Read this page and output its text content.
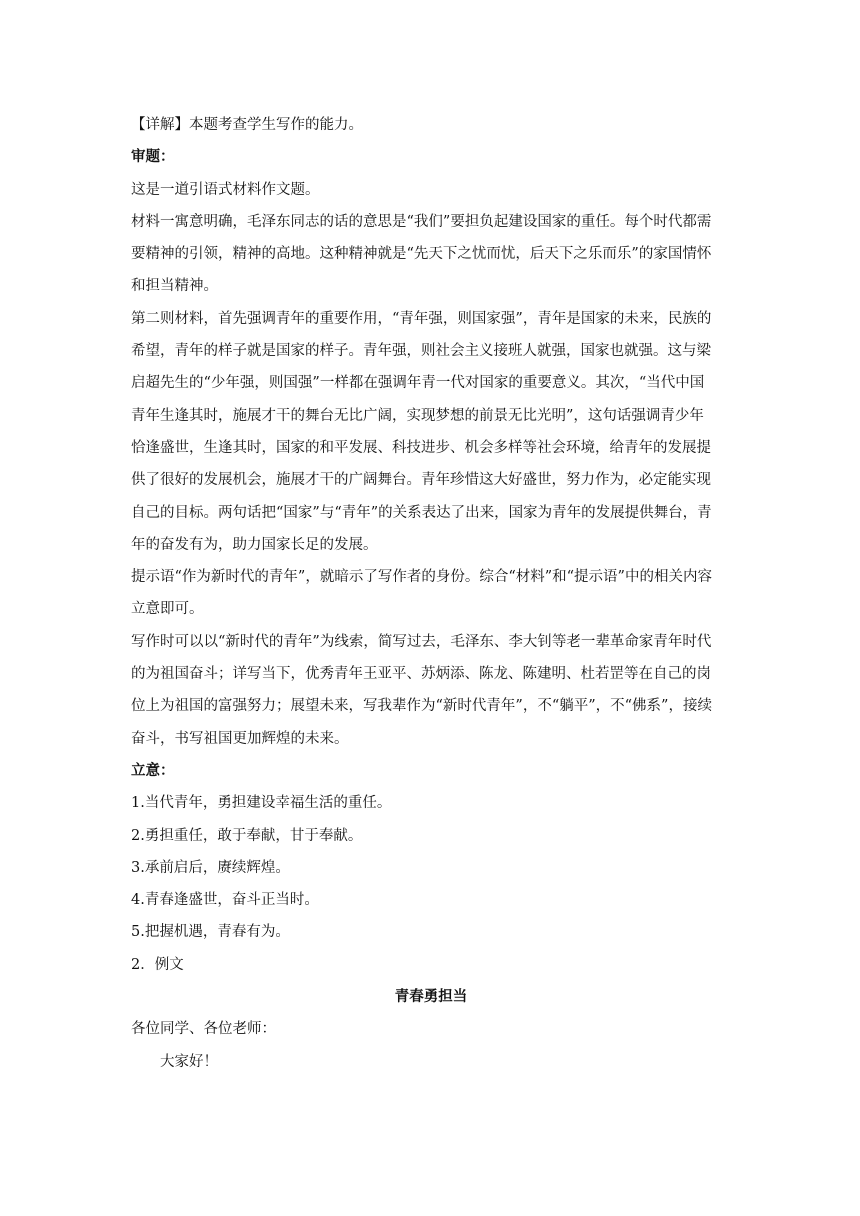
【详解】本题考查学生写作的能力。
审题：
这是一道引语式材料作文题。
材料一寓意明确，毛泽东同志的话的意思是“我们”要担负起建设国家的重任。每个时代都需
要精神的引领，精神的高地。这种精神就是“先天下之忧而忧，后天下之乐而乐”的家国情怀
和担当精神。
第二则材料，首先强调青年的重要作用，“青年强，则国家强”，青年是国家的未来，民族的
希望，青年的样子就是国家的样子。青年强，则社会主义接班人就强，国家也就强。这与梁
启超先生的“少年强，则国强”一样都在强调年青一代对国家的重要意义。其次，“当代中国
青年生逢其时，施展才干的舞台无比广阔，实现梦想的前景无比光明”，这句话强调青少年
恰逢盛世，生逢其时，国家的和平发展、科技进步、机会多样等社会环境，给青年的发展提
供了很好的发展机会，施展才干的广阔舞台。青年珍惜这大好盛世，努力作为，必定能实现
自己的目标。两句话把“国家”与“青年”的关系表达了出来，国家为青年的发展提供舞台，青
年的奋发有为，助力国家长足的发展。
提示语“作为新时代的青年”，就暗示了写作者的身份。综合“材料”和“提示语”中的相关内容
立意即可。
写作时可以以“新时代的青年”为线索，简写过去，毛泽东、李大钊等老一辈革命家青年时代
的为祖国奋斗；详写当下，优秀青年王亚平、苏炳添、陈龙、陈建明、杜若罡等在自己的岗
位上为祖国的富强努力；展望未来，写我辈作为“新时代青年”，不“躺平”，不“佛系”，接续
奋斗，书写祖国更加辉煌的未来。
立意：
1.当代青年，勇担建设幸福生活的重任。
2.勇担重任，敢于奉献，甘于奉献。
3.承前启后，赓续辉煌。
4.青春逢盛世，奋斗正当时。
5.把握机遇，青春有为。
2．例文
青春勇担当
各位同学、各位老师：
大家好！
